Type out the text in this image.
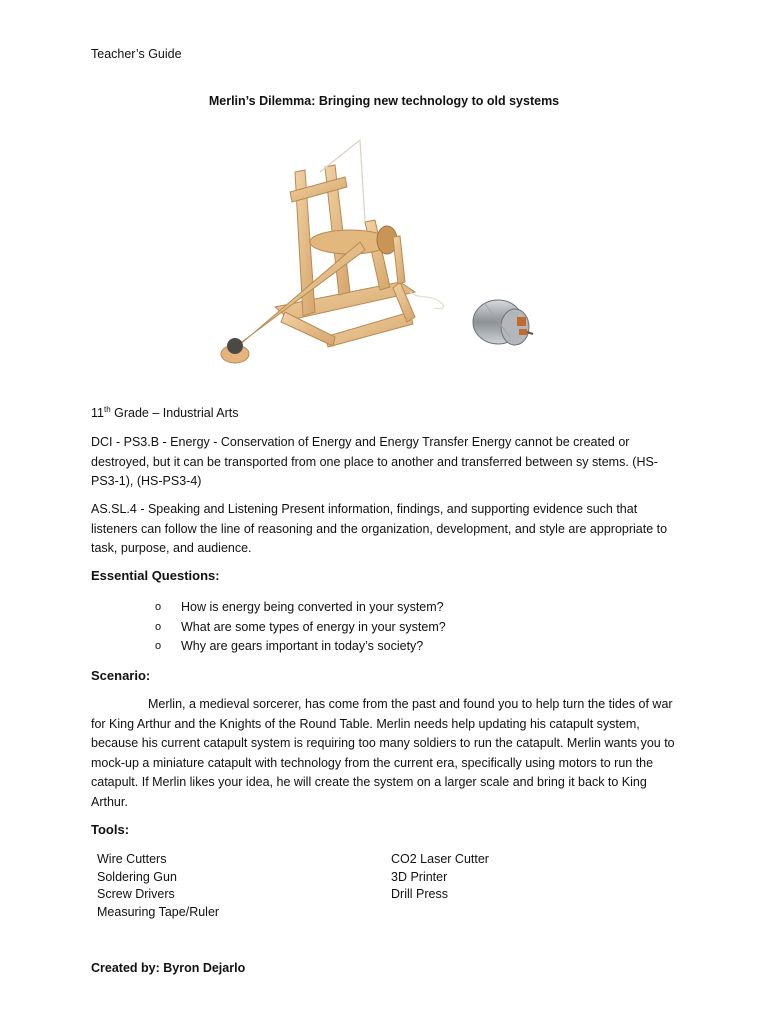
Teacher’s Guide
Merlin’s Dilemma: Bringing new technology to old systems
11th Grade – Industrial Arts
DCI - PS3.B - Energy - Conservation of Energy and Energy Transfer Energy cannot be created or destroyed, but it can be transported from one place to another and transferred between sy stems. (HS-PS3-1), (HS-PS3-4)
AS.SL.4 - Speaking and Listening Present information, findings, and supporting evidence such that listeners can follow the line of reasoning and the organization, development, and style are appropriate to task, purpose, and audience.
Essential Questions:
o How is energy being converted in your system?
o What are some types of energy in your system?
o Why are gears important in today’s society?
Scenario:
Merlin, a medieval sorcerer, has come from the past and found you to help turn the tides of war for King Arthur and the Knights of the Round Table. Merlin needs help updating his catapult system, because his current catapult system is requiring too many soldiers to run the catapult. Merlin wants you to mock-up a miniature catapult with technology from the current era, specifically using motors to run the catapult. If Merlin likes your idea, he will create the system on a larger scale and bring it back to King Arthur.
Tools:
Wire Cutters
Soldering Gun
Screw Drivers
Measuring Tape/Ruler
CO2 Laser Cutter
3D Printer
Drill Press
Created by: Byron Dejarlo
